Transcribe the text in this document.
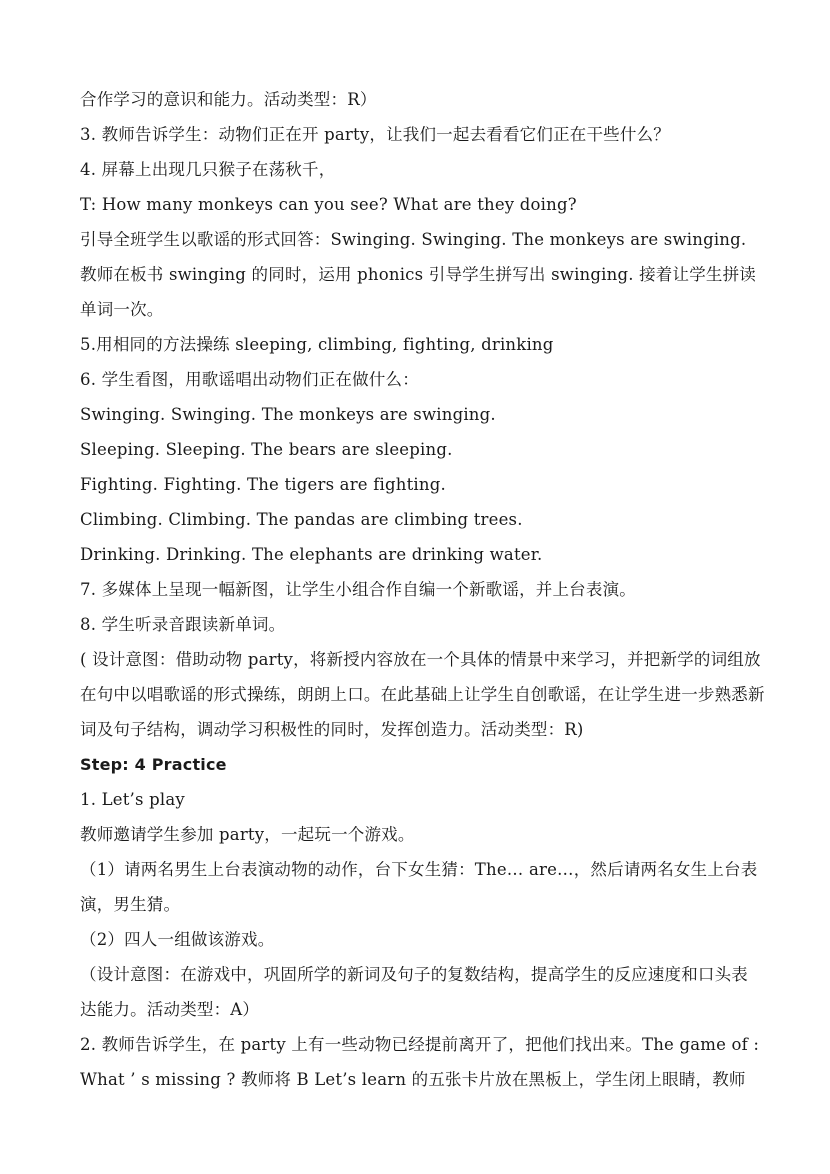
合作学习的意识和能力。活动类型：R）
3. 教师告诉学生：动物们正在开 party，让我们一起去看看它们正在干些什么？
4. 屏幕上出现几只猴子在荡秋千，
T: How many monkeys can you see? What are they doing?
引导全班学生以歌谣的形式回答：Swinging. Swinging. The monkeys are swinging.
教师在板书 swinging 的同时，运用 phonics 引导学生拼写出 swinging. 接着让学生拼读
单词一次。
5.用相同的方法操练 sleeping, climbing, fighting, drinking
6. 学生看图，用歌谣唱出动物们正在做什么：
Swinging. Swinging. The monkeys are swinging.
Sleeping. Sleeping. The bears are sleeping.
Fighting. Fighting. The tigers are fighting.
Climbing. Climbing. The pandas are climbing trees.
Drinking. Drinking. The elephants are drinking water.
7. 多媒体上呈现一幅新图，让学生小组合作自编一个新歌谣，并上台表演。
8. 学生听录音跟读新单词。
( 设计意图：借助动物 party，将新授内容放在一个具体的情景中来学习，并把新学的词组放
在句中以唱歌谣的形式操练，朗朗上口。在此基础上让学生自创歌谣，在让学生进一步熟悉新
词及句子结构，调动学习积极性的同时，发挥创造力。活动类型：R)
Step: 4 Practice
1. Let’s play
教师邀请学生参加 party，一起玩一个游戏。
（1）请两名男生上台表演动物的动作，台下女生猜：The… are…，然后请两名女生上台表
演，男生猜。
（2）四人一组做该游戏。
（设计意图：在游戏中，巩固所学的新词及句子的复数结构，提高学生的反应速度和口头表
达能力。活动类型：A）
2. 教师告诉学生，在 party 上有一些动物已经提前离开了，把他们找出来。The game of :
What ’ s missing ? 教师将 B Let’s learn 的五张卡片放在黑板上，学生闭上眼睛，教师
